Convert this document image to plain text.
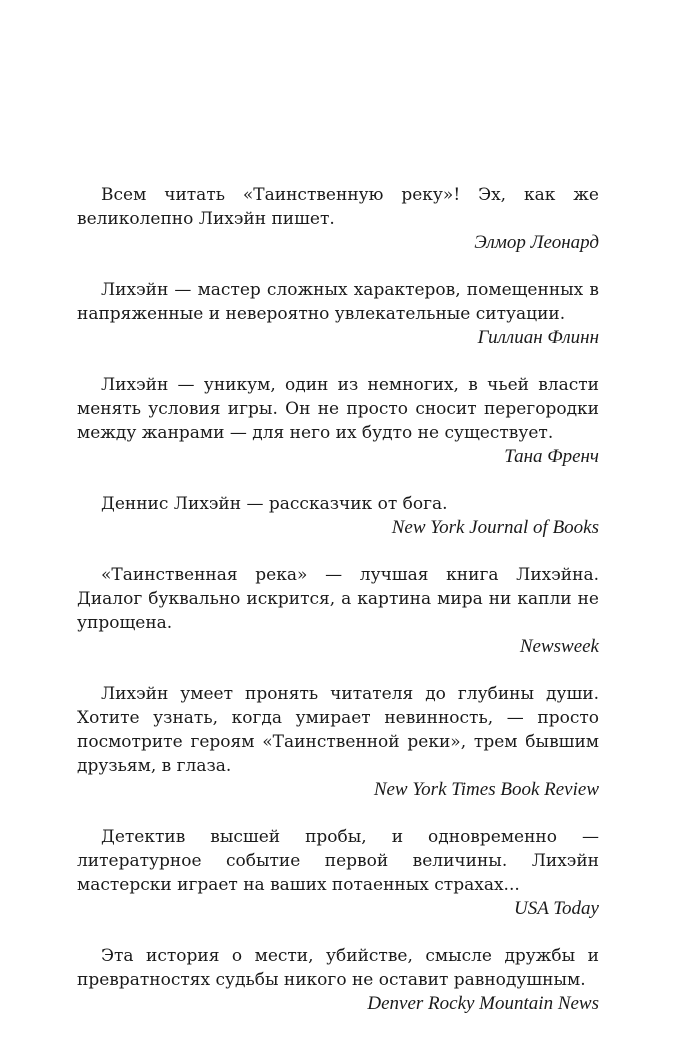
Всем читать «Таинственную реку»! Эх, как же великолепно Лихэйн пишет.

Элмор Леонард

Лихэйн — мастер сложных характеров, помещенных в напряженные и невероятно увлекательные ситуации.

Гиллиан Флинн

Лихэйн — уникум, один из немногих, в чьей власти менять условия игры. Он не просто сносит перегородки между жанрами — для него их будто не существует.

Тана Френч

Деннис Лихэйн — рассказчик от бога.

New York Journal of Books

«Таинственная река» — лучшая книга Лихэйна. Диалог буквально искрится, а картина мира ни капли не упрощена.

Newsweek

Лихэйн умеет пронять читателя до глубины души. Хотите узнать, когда умирает невинность, — просто посмотрите героям «Таинственной реки», трем бывшим друзьям, в глаза.

New York Times Book Review

Детектив высшей пробы, и одновременно — литературное событие первой величины. Лихэйн мастерски играет на ваших потаенных страхах...

USA Today

Эта история о мести, убийстве, смысле дружбы и превратностях судьбы никого не оставит равнодушным.

Denver Rocky Mountain News
